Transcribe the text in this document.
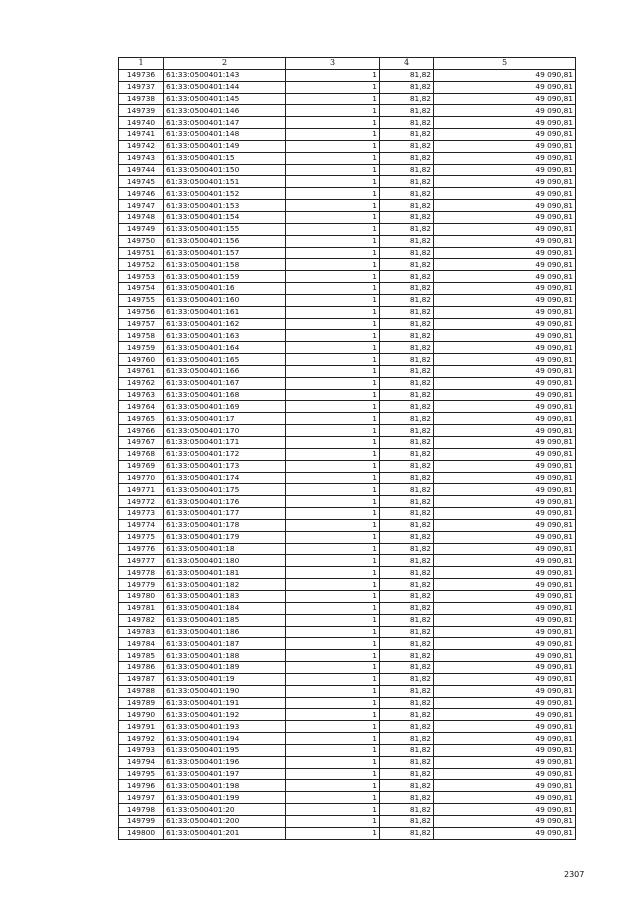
1	2	3	4	5
149736	61:33:0500401:143	1	81,82	49 090,81
149737	61:33:0500401:144	1	81,82	49 090,81
149738	61:33:0500401:145	1	81,82	49 090,81
149739	61:33:0500401:146	1	81,82	49 090,81
149740	61:33:0500401:147	1	81,82	49 090,81
149741	61:33:0500401:148	1	81,82	49 090,81
149742	61:33:0500401:149	1	81,82	49 090,81
149743	61:33:0500401:15	1	81,82	49 090,81
149744	61:33:0500401:150	1	81,82	49 090,81
149745	61:33:0500401:151	1	81,82	49 090,81
149746	61:33:0500401:152	1	81,82	49 090,81
149747	61:33:0500401:153	1	81,82	49 090,81
149748	61:33:0500401:154	1	81,82	49 090,81
149749	61:33:0500401:155	1	81,82	49 090,81
149750	61:33:0500401:156	1	81,82	49 090,81
149751	61:33:0500401:157	1	81,82	49 090,81
149752	61:33:0500401:158	1	81,82	49 090,81
149753	61:33:0500401:159	1	81,82	49 090,81
149754	61:33:0500401:16	1	81,82	49 090,81
149755	61:33:0500401:160	1	81,82	49 090,81
149756	61:33:0500401:161	1	81,82	49 090,81
149757	61:33:0500401:162	1	81,82	49 090,81
149758	61:33:0500401:163	1	81,82	49 090,81
149759	61:33:0500401:164	1	81,82	49 090,81
149760	61:33:0500401:165	1	81,82	49 090,81
149761	61:33:0500401:166	1	81,82	49 090,81
149762	61:33:0500401:167	1	81,82	49 090,81
149763	61:33:0500401:168	1	81,82	49 090,81
149764	61:33:0500401:169	1	81,82	49 090,81
149765	61:33:0500401:17	1	81,82	49 090,81
149766	61:33:0500401:170	1	81,82	49 090,81
149767	61:33:0500401:171	1	81,82	49 090,81
149768	61:33:0500401:172	1	81,82	49 090,81
149769	61:33:0500401:173	1	81,82	49 090,81
149770	61:33:0500401:174	1	81,82	49 090,81
149771	61:33:0500401:175	1	81,82	49 090,81
149772	61:33:0500401:176	1	81,82	49 090,81
149773	61:33:0500401:177	1	81,82	49 090,81
149774	61:33:0500401:178	1	81,82	49 090,81
149775	61:33:0500401:179	1	81,82	49 090,81
149776	61:33:0500401:18	1	81,82	49 090,81
149777	61:33:0500401:180	1	81,82	49 090,81
149778	61:33:0500401:181	1	81,82	49 090,81
149779	61:33:0500401:182	1	81,82	49 090,81
149780	61:33:0500401:183	1	81,82	49 090,81
149781	61:33:0500401:184	1	81,82	49 090,81
149782	61:33:0500401:185	1	81,82	49 090,81
149783	61:33:0500401:186	1	81,82	49 090,81
149784	61:33:0500401:187	1	81,82	49 090,81
149785	61:33:0500401:188	1	81,82	49 090,81
149786	61:33:0500401:189	1	81,82	49 090,81
149787	61:33:0500401:19	1	81,82	49 090,81
149788	61:33:0500401:190	1	81,82	49 090,81
149789	61:33:0500401:191	1	81,82	49 090,81
149790	61:33:0500401:192	1	81,82	49 090,81
149791	61:33:0500401:193	1	81,82	49 090,81
149792	61:33:0500401:194	1	81,82	49 090,81
149793	61:33:0500401:195	1	81,82	49 090,81
149794	61:33:0500401:196	1	81,82	49 090,81
149795	61:33:0500401:197	1	81,82	49 090,81
149796	61:33:0500401:198	1	81,82	49 090,81
149797	61:33:0500401:199	1	81,82	49 090,81
149798	61:33:0500401:20	1	81,82	49 090,81
149799	61:33:0500401:200	1	81,82	49 090,81
149800	61:33:0500401:201	1	81,82	49 090,81
2307
